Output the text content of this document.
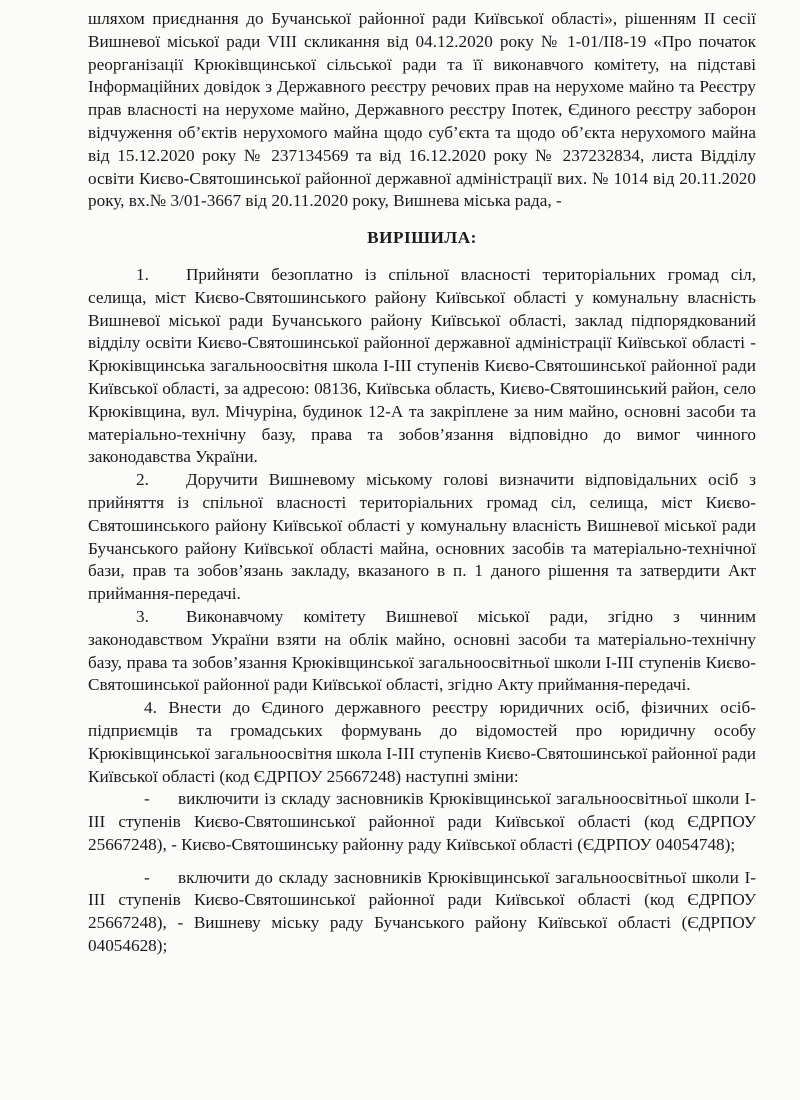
шляхом приєднання до Бучанської районної ради Київської області», рішенням ІІ сесії Вишневої міської ради VIII скликання від 04.12.2020 року № 1-01/ІІ8-19 «Про початок реорганізації Крюківщинської сільської ради та її виконавчого комітету, на підставі Інформаційних довідок з Державного реєстру речових прав на нерухоме майно та Реєстру прав власності на нерухоме майно, Державного реєстру Іпотек, Єдиного реєстру заборон відчуження об’єктів нерухомого майна щодо суб’єкта та щодо об’єкта нерухомого майна від 15.12.2020 року № 237134569 та від 16.12.2020 року № 237232834, листа Відділу освіти Києво-Святошинської районної державної адміністрації вих. № 1014 від 20.11.2020 року, вх.№ 3/01-3667 від 20.11.2020 року, Вишнева міська рада, -

ВИРІШИЛА:

1. Прийняти безоплатно із спільної власності територіальних громад сіл, селища, міст Києво-Святошинського району Київської області у комунальну власність Вишневої міської ради Бучанського району Київської області, заклад підпорядкований відділу освіти Києво-Святошинської районної державної адміністрації Київської області - Крюківщинська загальноосвітня школа І-ІІІ ступенів Києво-Святошинської районної ради Київської області, за адресою: 08136, Київська область, Києво-Святошинський район, село Крюківщина, вул. Мічуріна, будинок 12-А та закріплене за ним майно, основні засоби та матеріально-технічну базу, права та зобов’язання відповідно до вимог чинного законодавства України.

2. Доручити Вишневому міському голові визначити відповідальних осіб з прийняття із спільної власності територіальних громад сіл, селища, міст Києво-Святошинського району Київської області у комунальну власність Вишневої міської ради Бучанського району Київської області майна, основних засобів та матеріально-технічної бази, прав та зобов’язань закладу, вказаного в п. 1 даного рішення та затвердити Акт приймання-передачі.

3. Виконавчому комітету Вишневої міської ради, згідно з чинним законодавством України взяти на облік майно, основні засоби та матеріально-технічну базу, права та зобов’язання Крюківщинської загальноосвітньої школи І-ІІІ ступенів Києво-Святошинської районної ради Київської області, згідно Акту приймання-передачі.

4. Внести до Єдиного державного реєстру юридичних осіб, фізичних осіб-підприємців та громадських формувань до відомостей про юридичну особу Крюківщинської загальноосвітня школа І-ІІІ ступенів Києво-Святошинської районної ради Київської області (код ЄДРПОУ 25667248) наступні зміни:

- виключити із складу засновників Крюківщинської загальноосвітньої школи І-ІІІ ступенів Києво-Святошинської районної ради Київської області (код ЄДРПОУ 25667248), - Києво-Святошинську районну раду Київської області (ЄДРПОУ 04054748);

- включити до складу засновників Крюківщинської загальноосвітньої школи І-ІІІ ступенів Києво-Святошинської районної ради Київської області (код ЄДРПОУ 25667248), - Вишневу міську раду Бучанського району Київської області (ЄДРПОУ 04054628);
